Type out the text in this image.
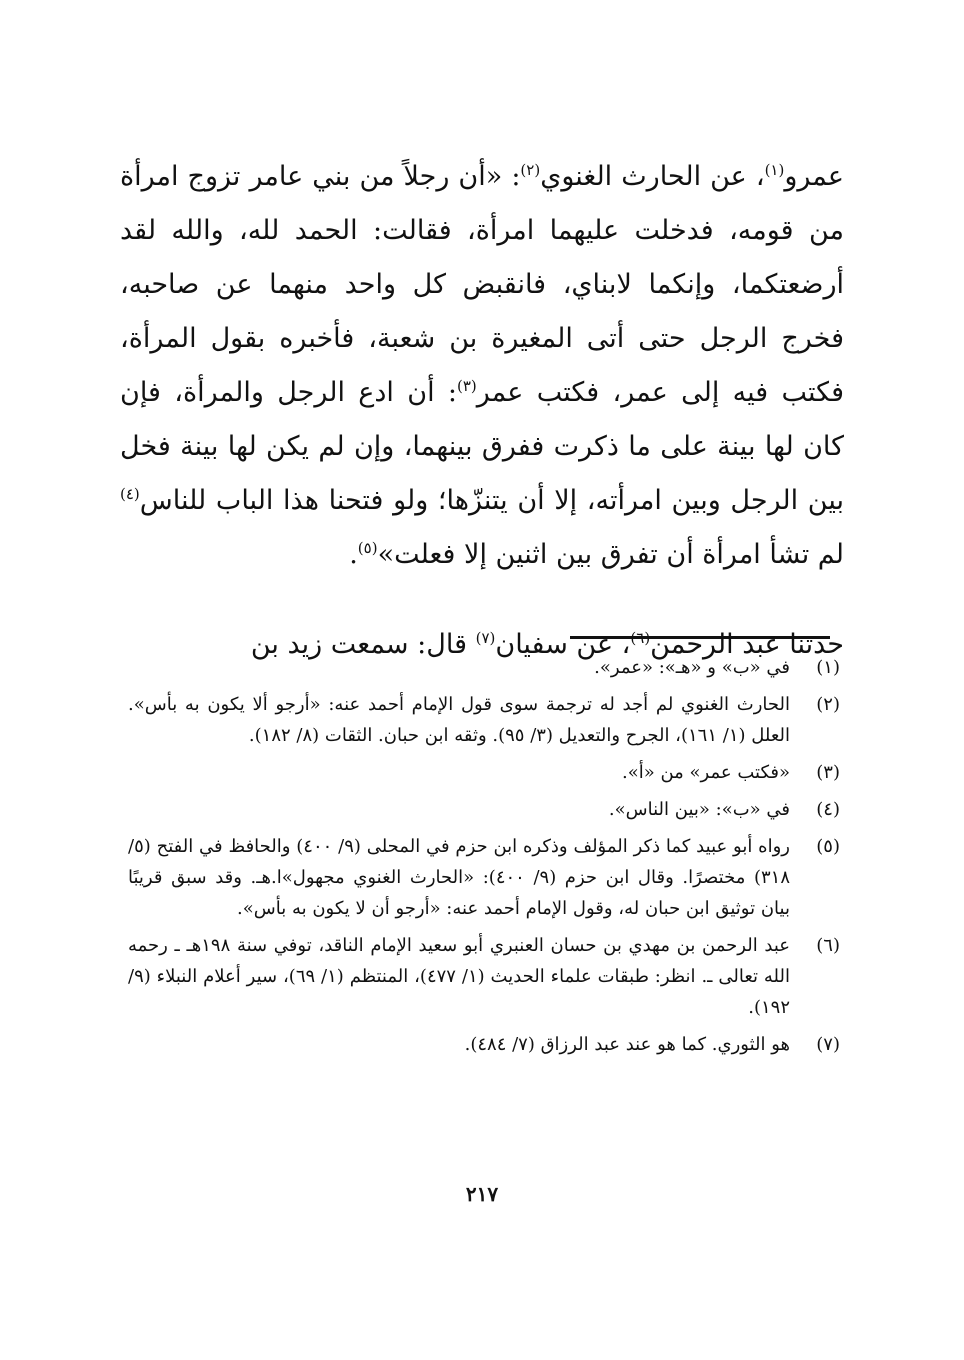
عمرو$^{(١)}$، عن الحارث الغنوي$^{(٢)}$: «أن رجلاً من بني عامر تزوج امرأة من قومه، فدخلت عليهما امرأة، فقالت: الحمد لله، والله لقد أرضعتكما، وإنكما لابناي، فانقبض كل واحد منهما عن صاحبه، فخرج الرجل حتى أتى المغيرة بن شعبة، فأخبره بقول المرأة، فكتب فيه إلى عمر، فكتب عمر$^{(٣)}$: أن ادع الرجل والمرأة، فإن كان لها بينة على ما ذكرت ففرق بينهما، وإن لم يكن لها بينة فخل بين الرجل وبين امرأته، إلا أن يتنزّها؛ ولو فتحنا هذا الباب للناس$^{(٤)}$ لم تشأ امرأة أن تفرق بين اثنين إلا فعلت»$^{(٥)}$.

حدثنا عبد الرحمن$^{(٦)}$، عن سفيان$^{(٧)}$ قال: سمعت زيد بن

(١)
في «ب» و «هـ»: «عمر».
(٢)
الحارث الغنوي لم أجد له ترجمة سوى قول الإمام أحمد عنه: «أرجو ألا يكون به بأس». العلل (١/ ١٦١)، الجرح والتعديل (٣/ ٩٥). وثقه ابن حبان. الثقات (٨/ ١٨٢).
(٣)
«فكتب عمر» من «أ».
(٤)
في «ب»: «بين الناس».
(٥)
رواه أبو عبيد كما ذكر المؤلف وذكره ابن حزم في المحلى (٩/ ٤٠٠) والحافظ في الفتح (٥/ ٣١٨) مختصرًا. وقال ابن حزم (٩/ ٤٠٠): «الحارث الغنوي مجهول»ا.هـ. وقد سبق قريبًا بيان توثيق ابن حبان له، وقول الإمام أحمد عنه: «أرجو أن لا يكون به بأس».
(٦)
عبد الرحمن بن مهدي بن حسان العنبري أبو سعيد الإمام الناقد، توفي سنة ١٩٨هـ ـ رحمه الله تعالى ـ. انظر: طبقات علماء الحديث (١/ ٤٧٧)، المنتظم (١/ ٦٩)، سير أعلام النبلاء (٩/ ١٩٢).
(٧)
هو الثوري. كما هو عند عبد الرزاق (٧/ ٤٨٤).
٢١٧
